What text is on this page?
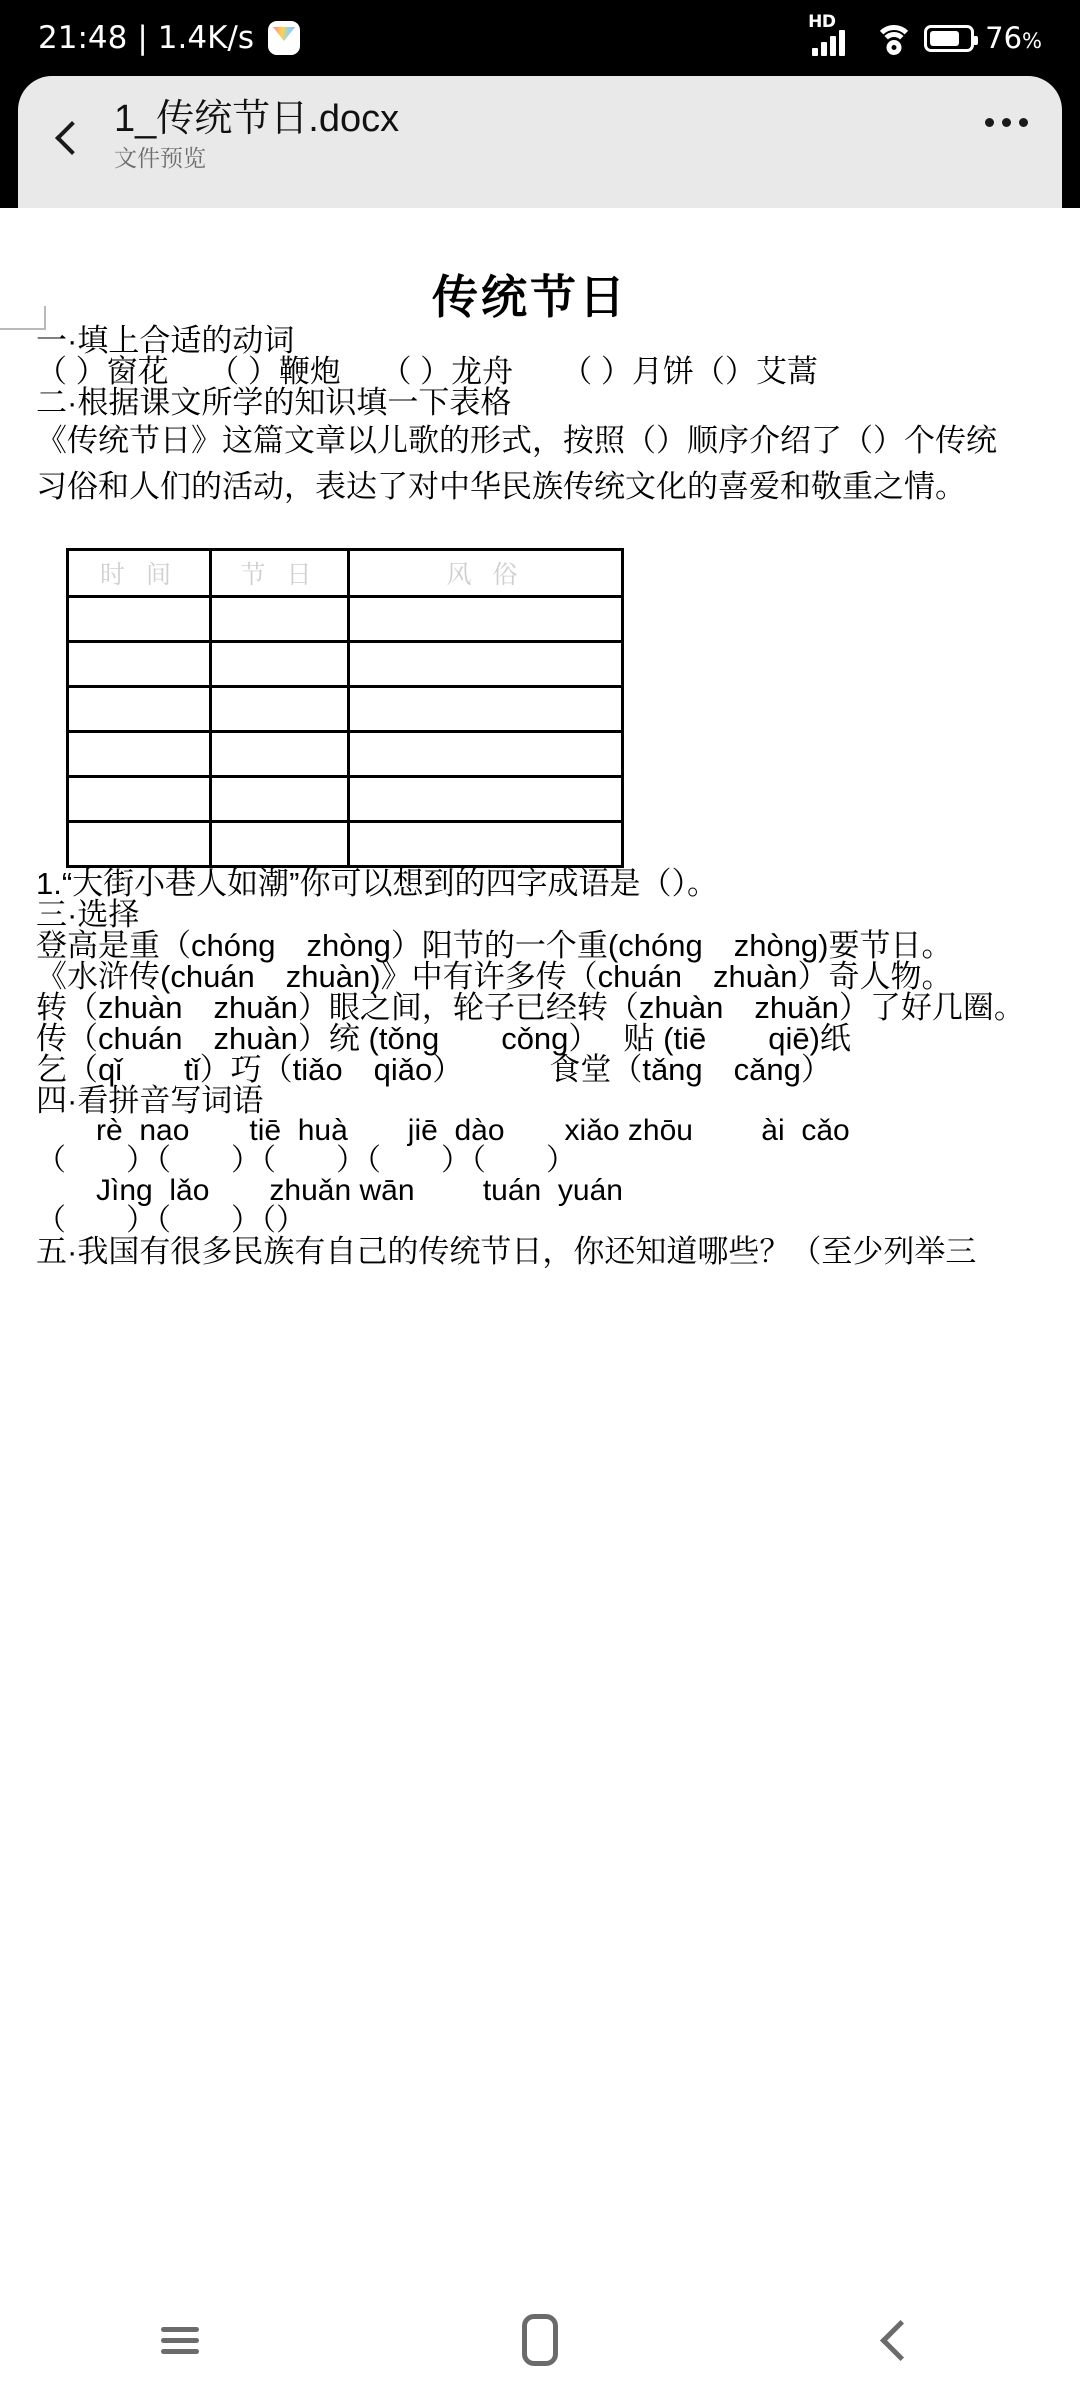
21:48 | 1.4K/s	HD	76%
1_传统节日.docx
文件预览
传统节日

一·填上合适的动词

（ ）窗花　 （ ）鞭炮　 （ ）龙舟　  （ ）月饼（）艾蒿

二·根据课文所学的知识填一下表格

《传统节日》这篇文章以儿歌的形式，按照（）顺序介绍了（）个传统

习俗和人们的活动，表达了对中华民族传统文化的喜爱和敬重之情。

时 间	节 日	风 俗

1.“大街小巷人如潮”你可以想到的四字成语是（）。

三·选择

登高是重（chóng　zhòng）阳节的一个重(chóng　zhòng)要节日。

《水浒传(chuán　zhuàn)》中有许多传（chuán　zhuàn）奇人物。

转（zhuàn　zhuǎn）眼之间，轮子已经转（zhuàn　zhuǎn）了好几圈。

传（chuán　zhuàn）统 (tǒng　　cǒng）　 贴 (tiē　　qiē)纸

乞（qǐ　　tǐ）巧（tiǎo　qiǎo）　　　 食堂（tǎng　cǎng）

四·看拼音写词语

rè  nao　　tiē  huà　　jiē  dào　　xiǎo zhōu　　 ài  cǎo

（　　）（　　）（　　）（　　）（　　）

Jìng  lǎo　　zhuǎn wān　　 tuán  yuán

（　　）（　　）（）

五·我国有很多民族有自己的传统节日，你还知道哪些？（至少列举三
